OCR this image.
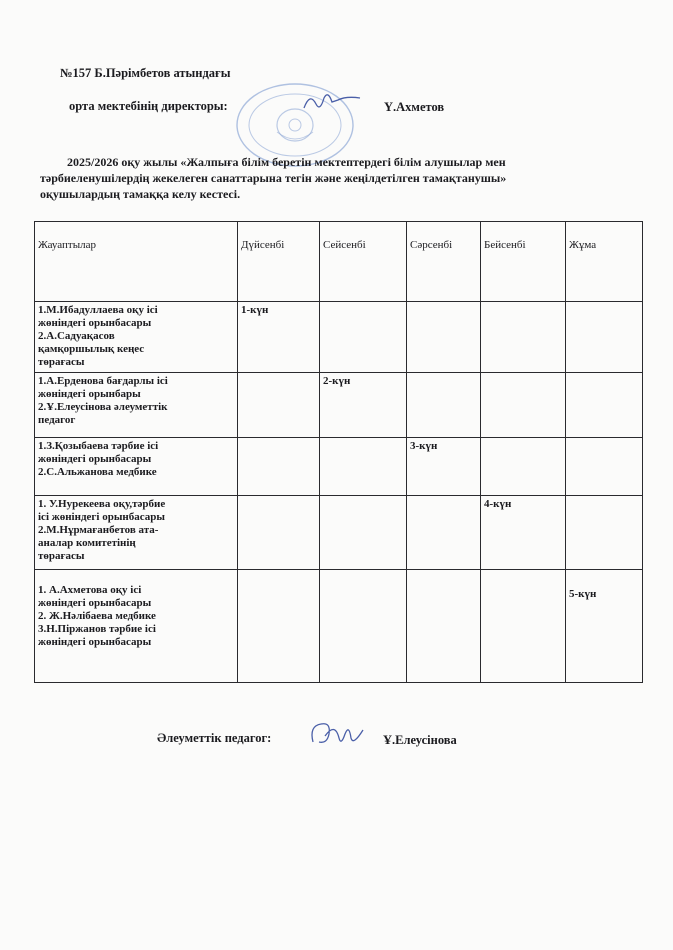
№157 Б.Пәрімбетов атындағы
орта мектебінің директоры:	Ү.Ахметов
2025/2026 оқу жылы «Жалпыға білім беретін мектептердегі білім алушылар мен
тәрбиеленушілердің жекелеген санаттарына тегін және жеңілдетілген тамақтанушы»
оқушылардың тамаққа келу кестесі.
Жауаптылар	Дүйсенбі	Сейсенбі	Сәрсенбі	Бейсенбі	Жұма

1.М.Ибадуллаева оқу ісі
жөніндегі орынбасары
2.А.Садуақасов
қамқоршылық кеңес
төрағасы	1-күн				

1.А.Ерденова бағдарлы ісі
жөніндегі орынбары
2.Ұ.Елеусінова әлеуметтік
педагог		2-күн			

1.З.Қозыбаева тәрбие ісі
жөніндегі орынбасары
2.С.Альжанова медбике			3-күн		

1. У.Нурекеева оқу,тәрбие
ісі жөніндегі орынбасары
2.М.Нұрмағанбетов ата-
аналар комитетінің
төрағасы				4-күн	

1. А.Ахметова оқу ісі
жөніндегі орынбасары
2. Ж.Нәлібаева медбике
3.Н.Піржанов тәрбие ісі
жөніндегі орынбасары					5-күн
Әлеуметтік педагог:	Ұ.Елеусінова
